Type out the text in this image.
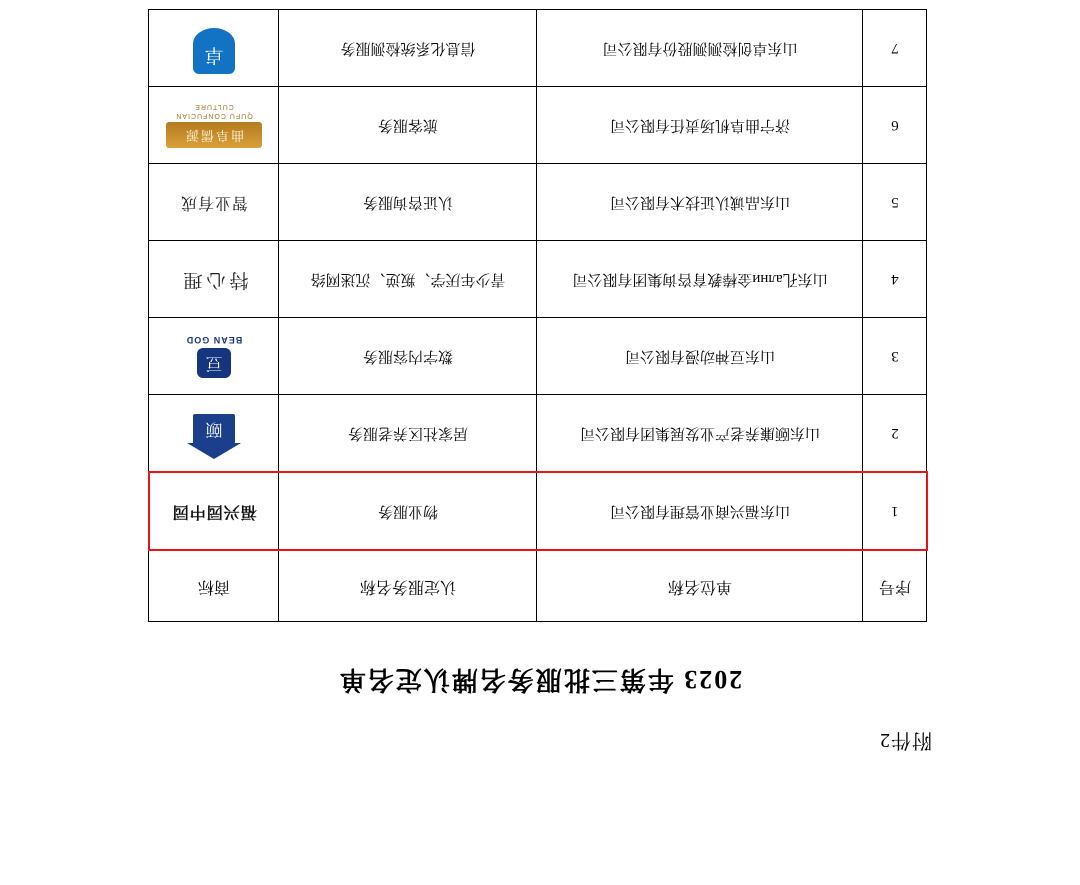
附件2
2023 年第三批服务名牌认定名单
序号	单位名称	认定服务名称	商标
1	山东福兴商业管理有限公司	物业服务	福兴园中园

2	山东颐廉养老产业发展集团有限公司	居家社区养老服务	颐

3	山东豆神动漫有限公司	数字内容服务	豆
BEAN GOD

4	山东孔ални金棒教育咨询集团有限公司	青少年厌学、叛逆、沉迷网络	特心理

5	山东品诚认证技术有限公司	认证咨询服务	智业有成

6	济宁曲阜机场责任有限公司	旅客服务	曲阜儒源
QUFU CONFUCIAN CULTURE

7	山东卓创检测测股份有限公司	信息化系统检测服务	卓
